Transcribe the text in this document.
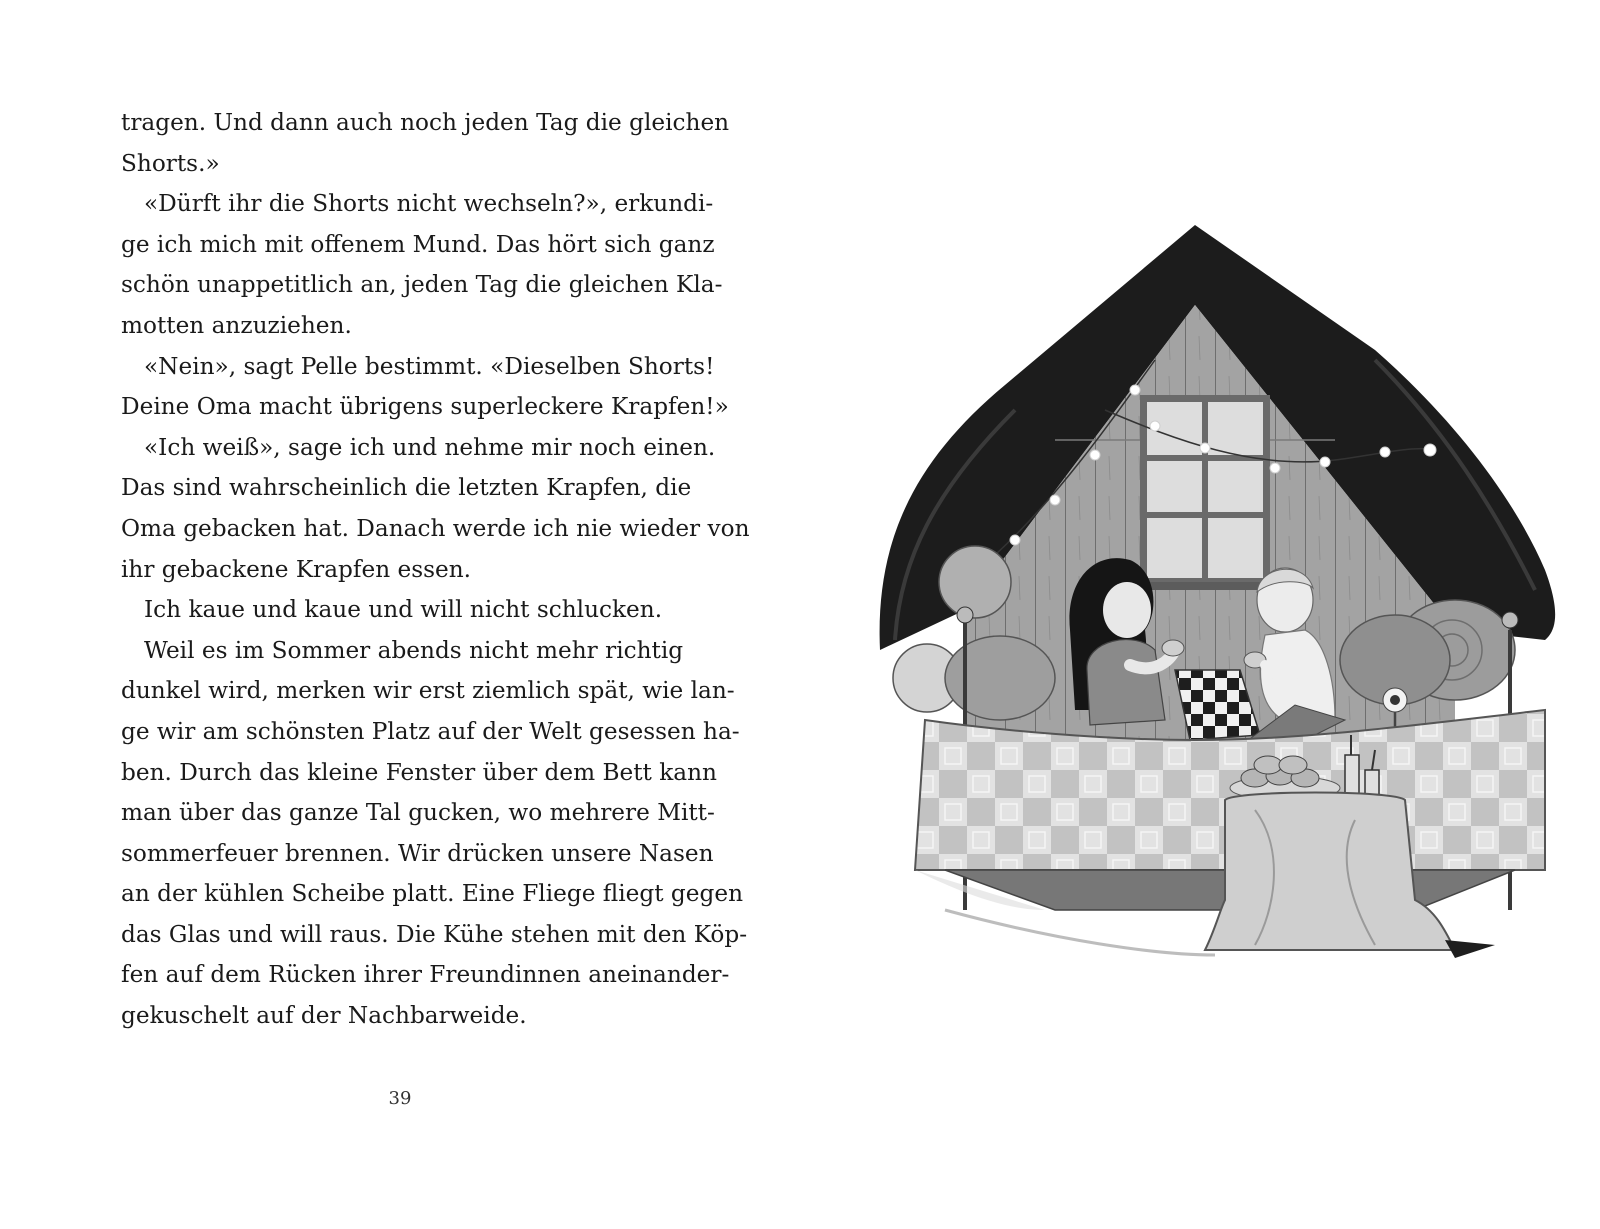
tragen. Und dann auch noch jeden Tag die gleichen
Shorts.»
«Dürft ihr die Shorts nicht wechseln?», erkundi-
ge ich mich mit offenem Mund. Das hört sich ganz
schön unappetitlich an, jeden Tag die gleichen Kla-
motten anzuziehen.
«Nein», sagt Pelle bestimmt. «Dieselben Shorts!
Deine Oma macht übrigens superleckere Krapfen!»
«Ich weiß», sage ich und nehme mir noch einen.
Das sind wahrscheinlich die letzten Krapfen, die
Oma gebacken hat. Danach werde ich nie wieder von
ihr gebackene Krapfen essen.
Ich kaue und kaue und will nicht schlucken.
Weil es im Sommer abends nicht mehr richtig
dunkel wird, merken wir erst ziemlich spät, wie lan-
ge wir am schönsten Platz auf der Welt gesessen ha-
ben. Durch das kleine Fenster über dem Bett kann
man über das ganze Tal gucken, wo mehrere Mitt-
sommerfeuer brennen. Wir drücken unsere Nasen
an der kühlen Scheibe platt. Eine Fliege fliegt gegen
das Glas und will raus. Die Kühe stehen mit den Köp-
fen auf dem Rücken ihrer Freundinnen aneinander-
gekuschelt auf der Nachbarweide.
39
